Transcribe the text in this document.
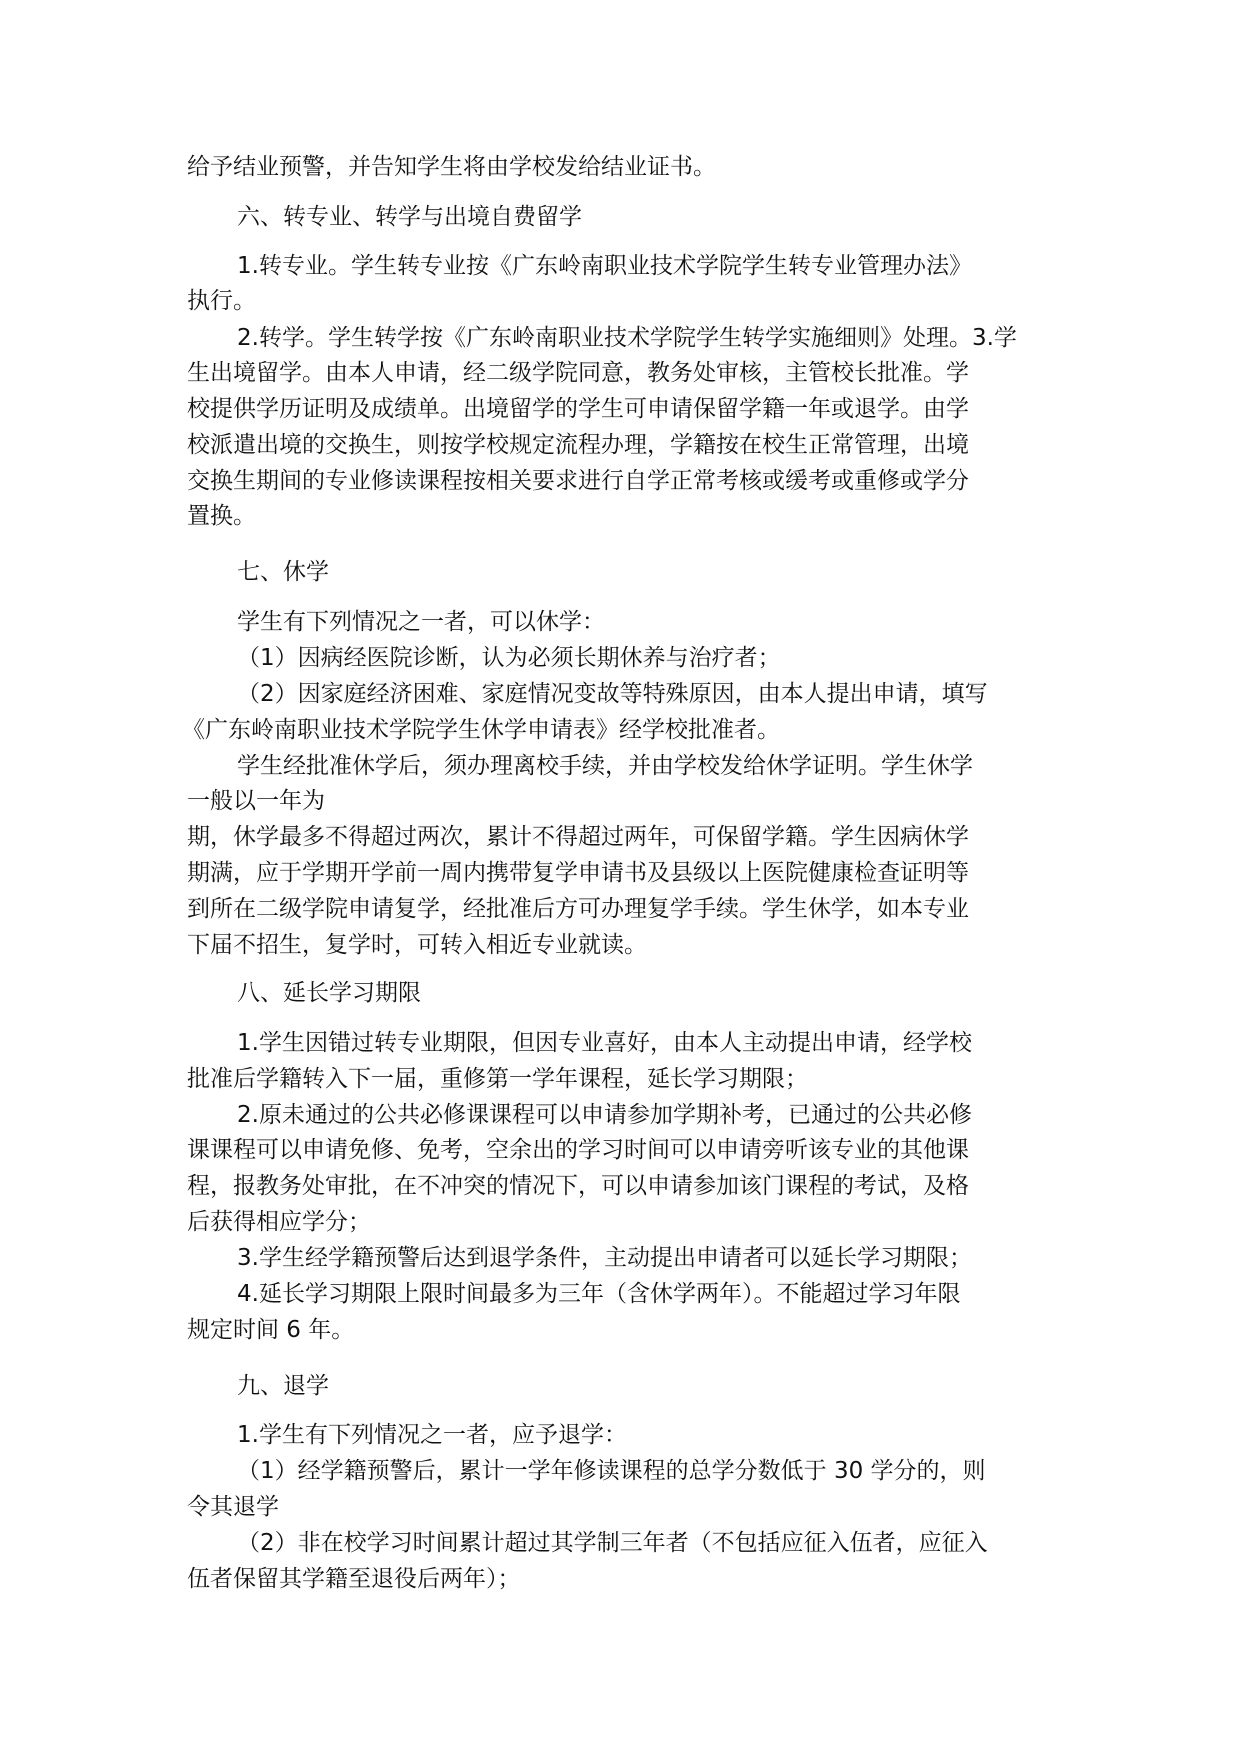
给予结业预警，并告知学生将由学校发给结业证书。
六、转专业、转学与出境自费留学
1.转专业。学生转专业按《广东岭南职业技术学院学生转专业管理办法》
执行。
2.转学。学生转学按《广东岭南职业技术学院学生转学实施细则》处理。3.学
生出境留学。由本人申请，经二级学院同意，教务处审核，主管校长批准。学
校提供学历证明及成绩单。出境留学的学生可申请保留学籍一年或退学。由学
校派遣出境的交换生，则按学校规定流程办理，学籍按在校生正常管理，出境
交换生期间的专业修读课程按相关要求进行自学正常考核或缓考或重修或学分
置换。
七、休学
学生有下列情况之一者，可以休学：
（1）因病经医院诊断，认为必须长期休养与治疗者；
（2）因家庭经济困难、家庭情况变故等特殊原因，由本人提出申请，填写
《广东岭南职业技术学院学生休学申请表》经学校批准者。
学生经批准休学后，须办理离校手续，并由学校发给休学证明。学生休学
一般以一年为
期，休学最多不得超过两次，累计不得超过两年，可保留学籍。学生因病休学
期满，应于学期开学前一周内携带复学申请书及县级以上医院健康检查证明等
到所在二级学院申请复学，经批准后方可办理复学手续。学生休学，如本专业
下届不招生，复学时，可转入相近专业就读。
八、延长学习期限
1.学生因错过转专业期限，但因专业喜好，由本人主动提出申请，经学校
批准后学籍转入下一届，重修第一学年课程，延长学习期限；
2.原未通过的公共必修课课程可以申请参加学期补考，已通过的公共必修
课课程可以申请免修、免考，空余出的学习时间可以申请旁听该专业的其他课
程，报教务处审批，在不冲突的情况下，可以申请参加该门课程的考试，及格
后获得相应学分；
3.学生经学籍预警后达到退学条件，主动提出申请者可以延长学习期限；
4.延长学习期限上限时间最多为三年（含休学两年）。不能超过学习年限
规定时间 6 年。
九、退学
1.学生有下列情况之一者，应予退学：
（1）经学籍预警后，累计一学年修读课程的总学分数低于 30 学分的，则
令其退学
（2）非在校学习时间累计超过其学制三年者（不包括应征入伍者，应征入
伍者保留其学籍至退役后两年）；
